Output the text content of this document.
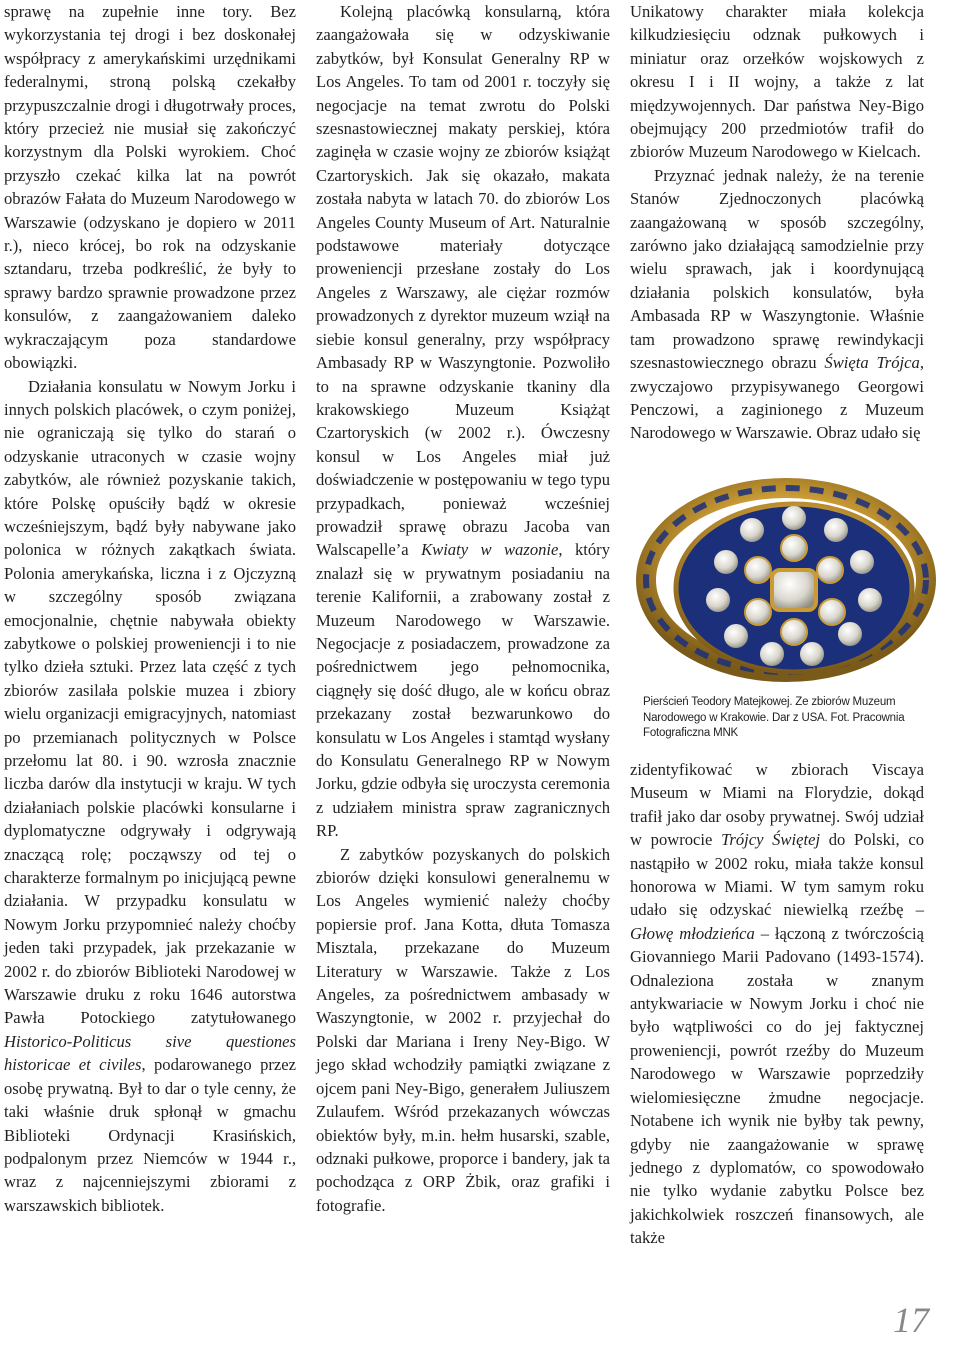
sprawę na zupełnie inne tory. Bez wykorzystania tej drogi i bez doskonałej współpracy z amerykańskimi urzędnikami federalnymi, stroną polską czekałby przypuszczalnie drogi i długotrwały proces, który przecież nie musiał się zakończyć korzystnym dla Polski wyrokiem. Choć przyszło czekać kilka lat na powrót obrazów Fałata do Muzeum Narodowego w Warszawie (odzyskano je dopiero w 2011 r.), nieco krócej, bo rok na odzyskanie sztandaru, trzeba podkreślić, że były to sprawy bardzo sprawnie prowadzone przez konsulów, z zaangażowaniem daleko wykraczającym poza standardowe obowiązki.

Działania konsulatu w Nowym Jorku i innych polskich placówek, o czym poniżej, nie ograniczają się tylko do starań o odzyskanie utraconych w czasie wojny zabytków, ale również pozyskanie takich, które Polskę opuściły bądź w okresie wcześniejszym, bądź były nabywane jako polonica w różnych zakątkach świata. Polonia amerykańska, liczna i z Ojczyzną w szczególny sposób związana emocjonalnie, chętnie nabywała obiekty zabytkowe o polskiej proweniencji i to nie tylko dzieła sztuki. Przez lata część z tych zbiorów zasilała polskie muzea i zbiory wielu organizacji emigracyjnych, natomiast po przemianach politycznych w Polsce przełomu lat 80. i 90. wzrosła znacznie liczba darów dla instytucji w kraju. W tych działaniach polskie placówki konsularne i dyplomatyczne odgrywały i odgrywają znaczącą rolę; począwszy od tej o charakterze formalnym po inicjującą pewne działania. W przypadku konsulatu w Nowym Jorku przypomnieć należy choćby jeden taki przypadek, jak przekazanie w 2002 r. do zbiorów Biblioteki Narodowej w Warszawie druku z roku 1646 autorstwa Pawła Potockiego zatytułowanego Historico-Politicus sive questiones historicae et civiles, podarowanego przez osobę prywatną. Był to dar o tyle cenny, że taki właśnie druk spłonął w gmachu Biblioteki Ordynacji Krasińskich, podpalonym przez Niemców w 1944 r., wraz z najcenniejszymi zbiorami z warszawskich bibliotek.

Kolejną placówką konsularną, która zaangażowała się w odzyskiwanie zabytków, był Konsulat Generalny RP w Los Angeles. To tam od 2001 r. toczyły się negocjacje na temat zwrotu do Polski szesnastowiecznej makaty perskiej, która zaginęła w czasie wojny ze zbiorów książąt Czartoryskich. Jak się okazało, makata została nabyta w latach 70. do zbiorów Los Angeles County Museum of Art. Naturalnie podstawowe materiały dotyczące proweniencji przesłane zostały do Los Angeles z Warszawy, ale ciężar rozmów prowadzonych z dyrektor muzeum wziął na siebie konsul generalny, przy współpracy Ambasady RP w Waszyngtonie. Pozwoliło to na sprawne odzyskanie tkaniny dla krakowskiego Muzeum Książąt Czartoryskich (w 2002 r.). Ówczesny konsul w Los Angeles miał już doświadczenie w postępowaniu w tego typu przypadkach, ponieważ wcześniej prowadził sprawę obrazu Jacoba van Walscapelle’a Kwiaty w wazonie, który znalazł się w prywatnym posiadaniu na terenie Kalifornii, a zrabowany został z Muzeum Narodowego w Warszawie. Negocjacje z posiadaczem, prowadzone za pośrednictwem jego pełnomocnika, ciągnęły się dość długo, ale w końcu obraz przekazany został bezwarunkowo do konsulatu w Los Angeles i stamtąd wysłany do Konsulatu Generalnego RP w Nowym Jorku, gdzie odbyła się uroczysta ceremonia z udziałem ministra spraw zagranicznych RP.

Z zabytków pozyskanych do polskich zbiorów dzięki konsulowi generalnemu w Los Angeles wymienić należy choćby popiersie prof. Jana Kotta, dłuta Tomasza Misztala, przekazane do Muzeum Literatury w Warszawie. Także z Los Angeles, za pośrednictwem ambasady w Waszyngtonie, w 2002 r. przyjechał do Polski dar Mariana i Ireny Ney-Bigo. W jego skład wchodziły pamiątki związane z ojcem pani Ney-Bigo, generałem Juliuszem Zulaufem. Wśród przekazanych wówczas obiektów były, m.in. hełm husarski, szable, odznaki pułkowe, proporce i bandery, jak ta pochodząca z ORP Żbik, oraz grafiki i fotografie.

Unikatowy charakter miała kolekcja kilkudziesięciu odznak pułkowych i miniatur oraz orzełków wojskowych z okresu I i II wojny, a także z lat międzywojennych. Dar państwa Ney-Bigo obejmujący 200 przedmiotów trafił do zbiorów Muzeum Narodowego w Kielcach.

Przyznać jednak należy, że na terenie Stanów Zjednoczonych placówką zaangażowaną w sposób szczególny, zarówno jako działającą samodzielnie przy wielu sprawach, jak i koordynującą działania polskich konsulatów, była Ambasada RP w Waszyngtonie. Właśnie tam prowadzono sprawę rewindykacji szesnastowiecznego obrazu Święta Trójca, zwyczajowo przypisywanego Georgowi Penczowi, a zaginionego z Muzeum Narodowego w Warszawie. Obraz udało się

Pierścień Teodory Matejkowej. Ze zbiorów Muzeum Narodowego w Krakowie. Dar z USA. Fot. Pracownia Fotograficzna MNK

zidentyfikować w zbiorach Viscaya Museum w Miami na Florydzie, dokąd trafił jako dar osoby prywatnej. Swój udział w powrocie Trójcy Świętej do Polski, co nastąpiło w 2002 roku, miała także konsul honorowa w Miami. W tym samym roku udało się odzyskać niewielką rzeźbę – Głowę młodzieńca – łączoną z twórczością Giovanniego Marii Padovano (1493-1574). Odnaleziona została w znanym antykwariacie w Nowym Jorku i choć nie było wątpliwości co do jej faktycznej proweniencji, powrót rzeźby do Muzeum Narodowego w Warszawie poprzedziły wielomiesięczne żmudne negocjacje. Notabene ich wynik nie byłby tak pewny, gdyby nie zaangażowanie w sprawę jednego z dyplomatów, co spowodowało nie tylko wydanie zabytku Polsce bez jakichkolwiek roszczeń finansowych, ale także

17
